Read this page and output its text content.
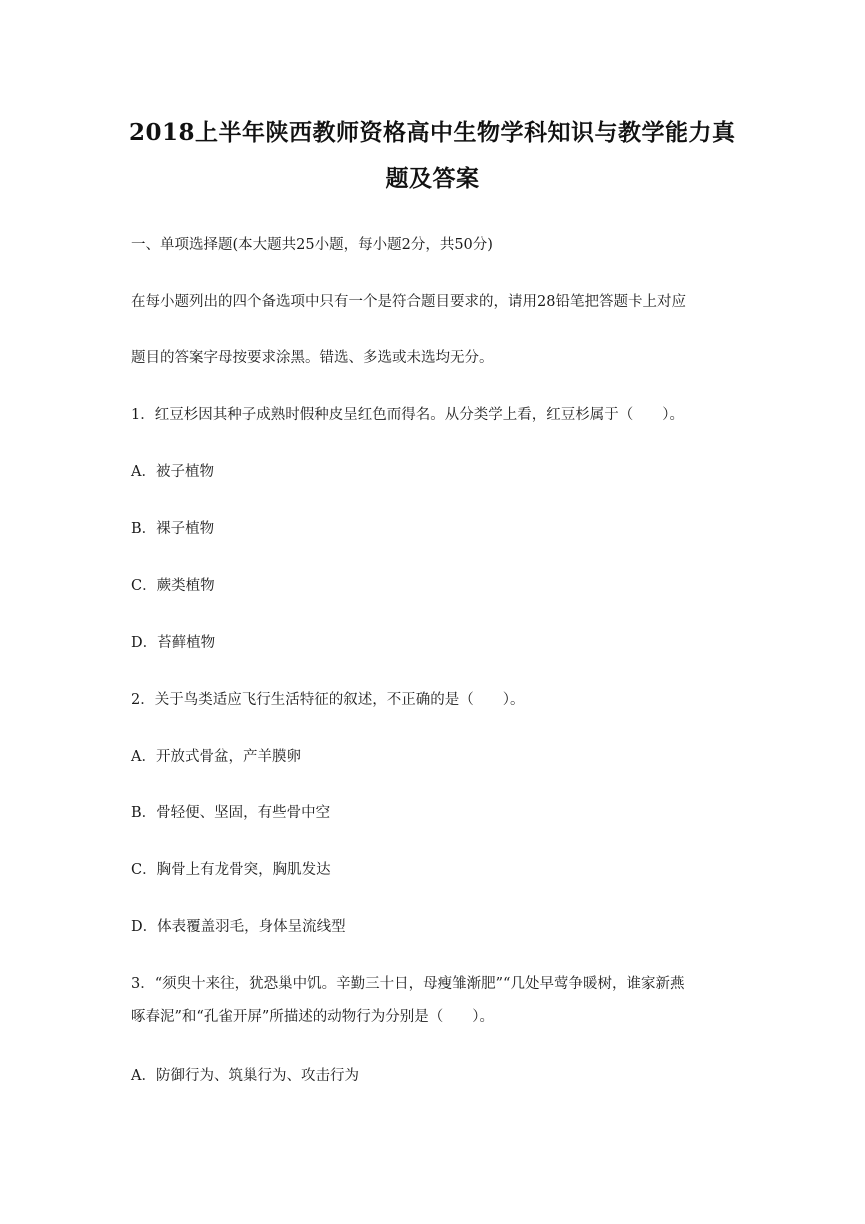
2018上半年陕西教师资格高中生物学科知识与教学能力真
题及答案
一、单项选择题(本大题共25小题，每小题2分，共50分)
在每小题列出的四个备选项中只有一个是符合题目要求的，请用28铅笔把答题卡上对应
题目的答案字母按要求涂黑。错选、多选或未选均无分。
1．红豆杉因其种子成熟时假种皮呈红色而得名。从分类学上看，红豆杉属于（　　）。
A．被子植物
B．裸子植物
C．蕨类植物
D．苔藓植物
2．关于鸟类适应飞行生活特征的叙述，不正确的是（　　）。
A．开放式骨盆，产羊膜卵
B．骨轻便、坚固，有些骨中空
C．胸骨上有龙骨突，胸肌发达
D．体表覆盖羽毛，身体呈流线型
3．“须臾十来往，犹恐巢中饥。辛勤三十日，母瘦雏渐肥”“几处早莺争暖树，谁家新燕
啄春泥”和“孔雀开屏”所描述的动物行为分别是（　　）。
A．防御行为、筑巢行为、攻击行为
